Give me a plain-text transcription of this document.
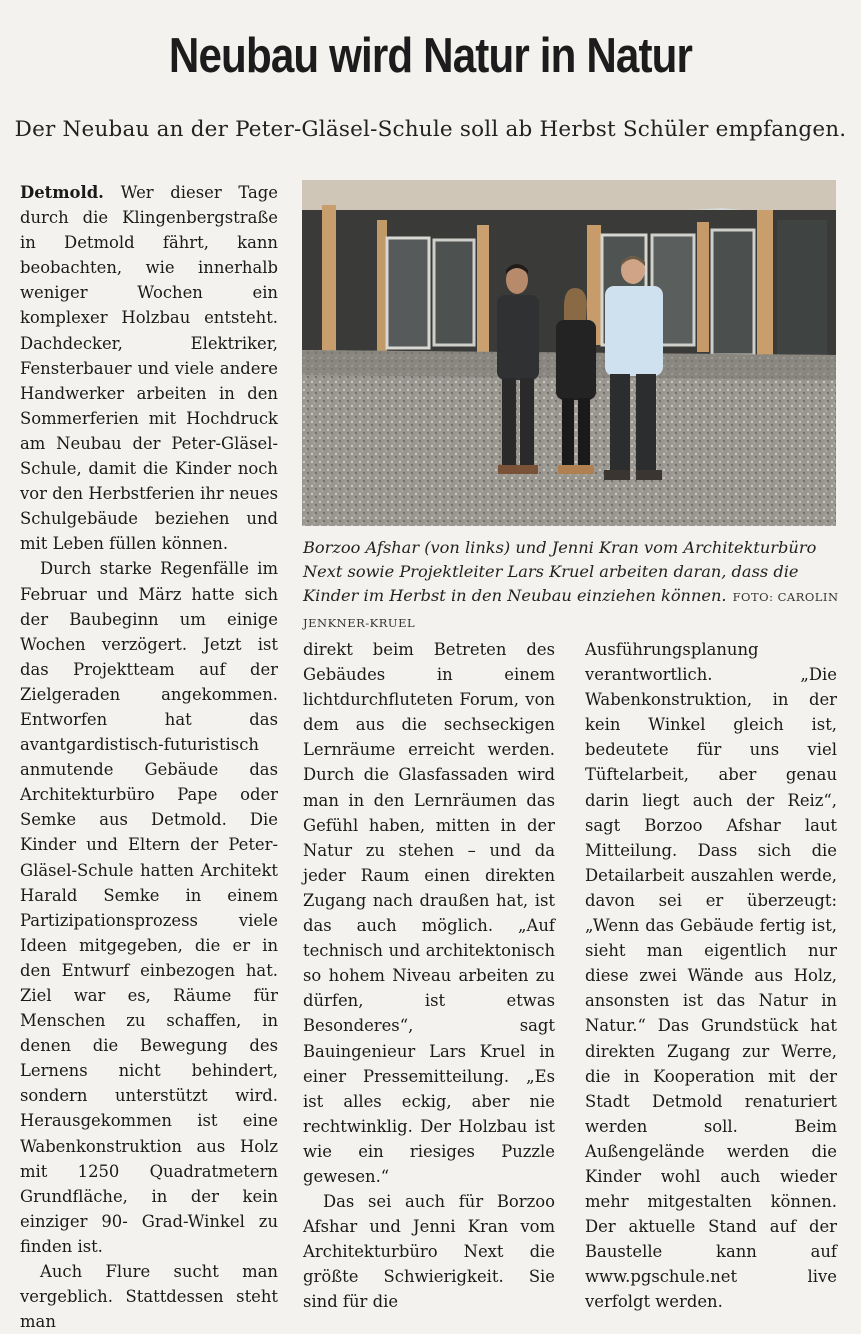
Neubau wird Natur in Natur
Der Neubau an der Peter-Gläsel-Schule soll ab Herbst Schüler empfangen.

Detmold. Wer dieser Tage durch die Klingenbergstraße in Detmold fährt, kann beobachten, wie innerhalb weniger Wochen ein komplexer Holzbau entsteht. Dachdecker, Elektriker, Fensterbauer und viele andere Handwerker arbeiten in den Sommerferien mit Hochdruck am Neubau der Peter-Gläsel-Schule, damit die Kinder noch vor den Herbstferien ihr neues Schulgebäude beziehen und mit Leben füllen können.

Durch starke Regenfälle im Februar und März hatte sich der Baubeginn um einige Wochen verzögert. Jetzt ist das Projektteam auf der Zielgeraden angekommen. Entworfen hat das avantgardistisch-futuristisch anmutende Gebäude das Architekturbüro Pape oder Semke aus Detmold. Die Kinder und Eltern der Peter-Gläsel-Schule hatten Architekt Harald Semke in einem Partizipationsprozess viele Ideen mitgegeben, die er in den Entwurf einbezogen hat. Ziel war es, Räume für Menschen zu schaffen, in denen die Bewegung des Lernens nicht behindert, sondern unterstützt wird. Herausgekommen ist eine Wabenkonstruktion aus Holz mit 1250 Quadratmetern Grundfläche, in der kein einziger 90- Grad-Winkel zu finden ist.

Auch Flure sucht man vergeblich. Stattdessen steht man

Borzoo Afshar (von links) und Jenni Kran vom Architekturbüro Next sowie Projektleiter Lars Kruel arbeiten daran, dass die Kinder im Herbst in den Neubau einziehen können. FOTO: CAROLIN JENKNER-KRUEL

direkt beim Betreten des Gebäudes in einem lichtdurchfluteten Forum, von dem aus die sechseckigen Lernräume erreicht werden. Durch die Glasfassaden wird man in den Lernräumen das Gefühl haben, mitten in der Natur zu stehen – und da jeder Raum einen direkten Zugang nach draußen hat, ist das auch möglich. „Auf technisch und architektonisch so hohem Niveau arbeiten zu dürfen, ist etwas Besonderes“, sagt Bauingenieur Lars Kruel in einer Pressemitteilung. „Es ist alles eckig, aber nie rechtwinklig. Der Holzbau ist wie ein riesiges Puzzle gewesen.“

Das sei auch für Borzoo Afshar und Jenni Kran vom Architekturbüro Next die größte Schwierigkeit. Sie sind für die

Ausführungsplanung verantwortlich. „Die Wabenkonstruktion, in der kein Winkel gleich ist, bedeutete für uns viel Tüftelarbeit, aber genau darin liegt auch der Reiz“, sagt Borzoo Afshar laut Mitteilung. Dass sich die Detailarbeit auszahlen werde, davon sei er überzeugt: „Wenn das Gebäude fertig ist, sieht man eigentlich nur diese zwei Wände aus Holz, ansonsten ist das Natur in Natur.“ Das Grundstück hat direkten Zugang zur Werre, die in Kooperation mit der Stadt Detmold renaturiert werden soll. Beim Außengelände werden die Kinder wohl auch wieder mehr mitgestalten können. Der aktuelle Stand auf der Baustelle kann auf www.pgschule.net live verfolgt werden.
